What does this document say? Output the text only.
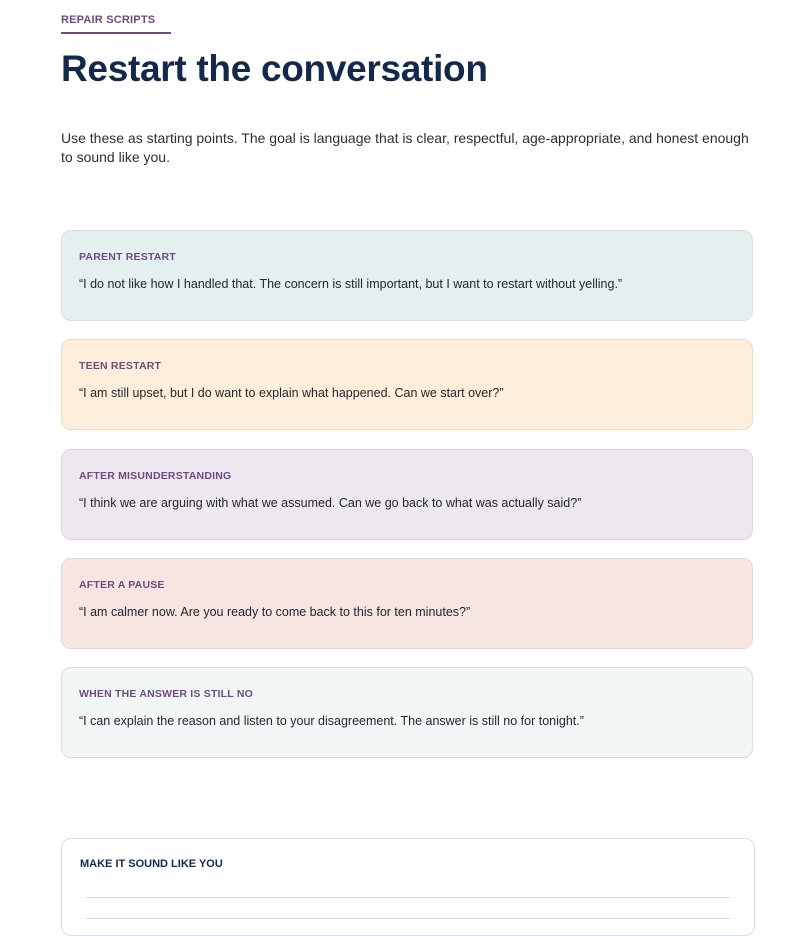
REPAIR SCRIPTS
Restart the conversation
Use these as starting points. The goal is language that is clear, respectful, age-appropriate, and honest enough to sound like you.
PARENT RESTART
“I do not like how I handled that. The concern is still important, but I want to restart without yelling.”
TEEN RESTART
“I am still upset, but I do want to explain what happened. Can we start over?”
AFTER MISUNDERSTANDING
“I think we are arguing with what we assumed. Can we go back to what was actually said?”
AFTER A PAUSE
“I am calmer now. Are you ready to come back to this for ten minutes?”
WHEN THE ANSWER IS STILL NO
“I can explain the reason and listen to your disagreement. The answer is still no for tonight.”
MAKE IT SOUND LIKE YOU
